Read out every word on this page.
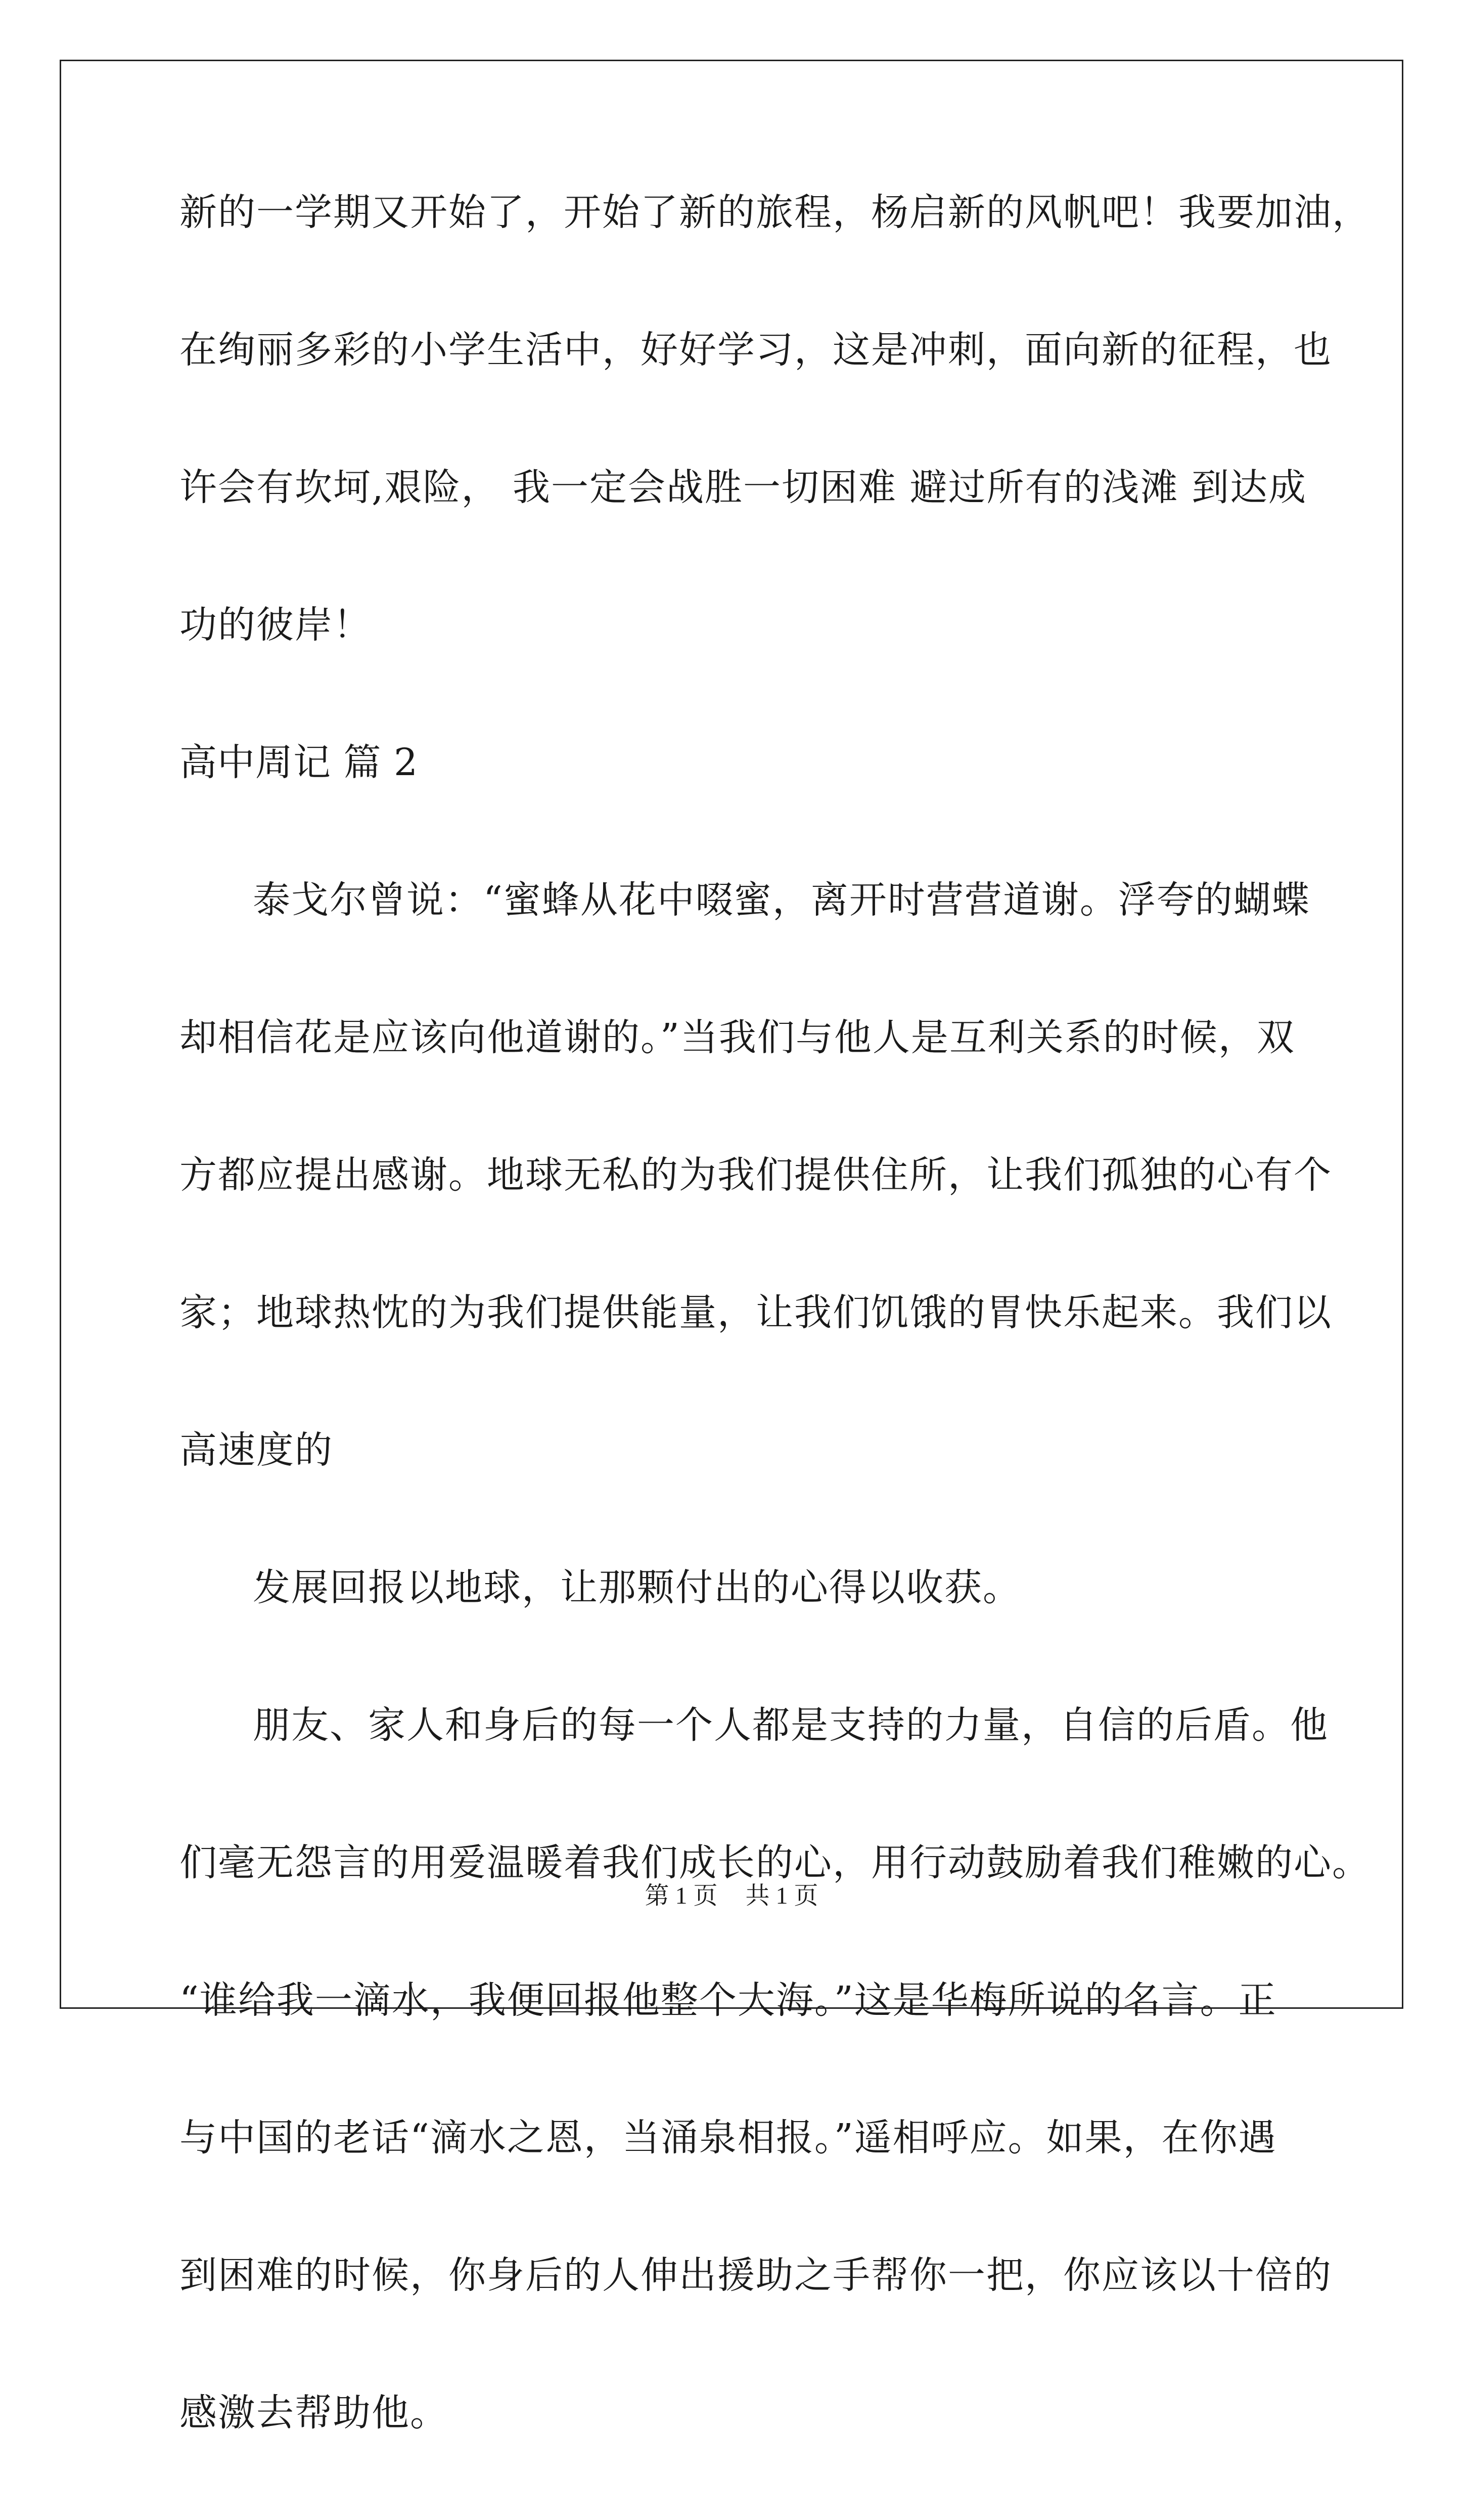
新的一学期又开始了，开始了新的旅程，杨启新的风帆吧！我要加油，
在绚丽多彩的小学生活中，好好学习，这是冲刺，面向新的征程，也
许会有坎坷,艰险， 我一定会战胜一切困难 避过所有的浅滩 到达成
功的彼岸！
高中周记 篇 2
泰戈尔曾说：“蜜蜂从花中啜蜜，离开时营营道谢。浮夸的蝴蝶
却相信花是应该向他道谢的。”当我们与他人是互利关系的时候，双
方都应提出感谢。地球无私的为我们提供住所，让我们孤独的心有个
家；地球热忱的为我们提供能量，让我们饥饿的胃快乐起来。我们以
高速度的
发展回报以地球，让那颗付出的心得以收获。
朋友、家人和身后的每一个人都是支持的力量，自信的后盾。他
们毫无怨言的用爱温暖着我们成长的心，用行动鼓励着我们稚嫩的心。
“谁给我一滴水，我便回报他整个大海。”这是华梅所说的名言。正
与中国的老话“滴水之恩，当涌泉相报。”遥相呼应。如果，在你遇
到困难的时候，你身后的人伸出援助之手帮你一把，你应该以十倍的
感激去帮助他。
第 1 页 共 1 页
